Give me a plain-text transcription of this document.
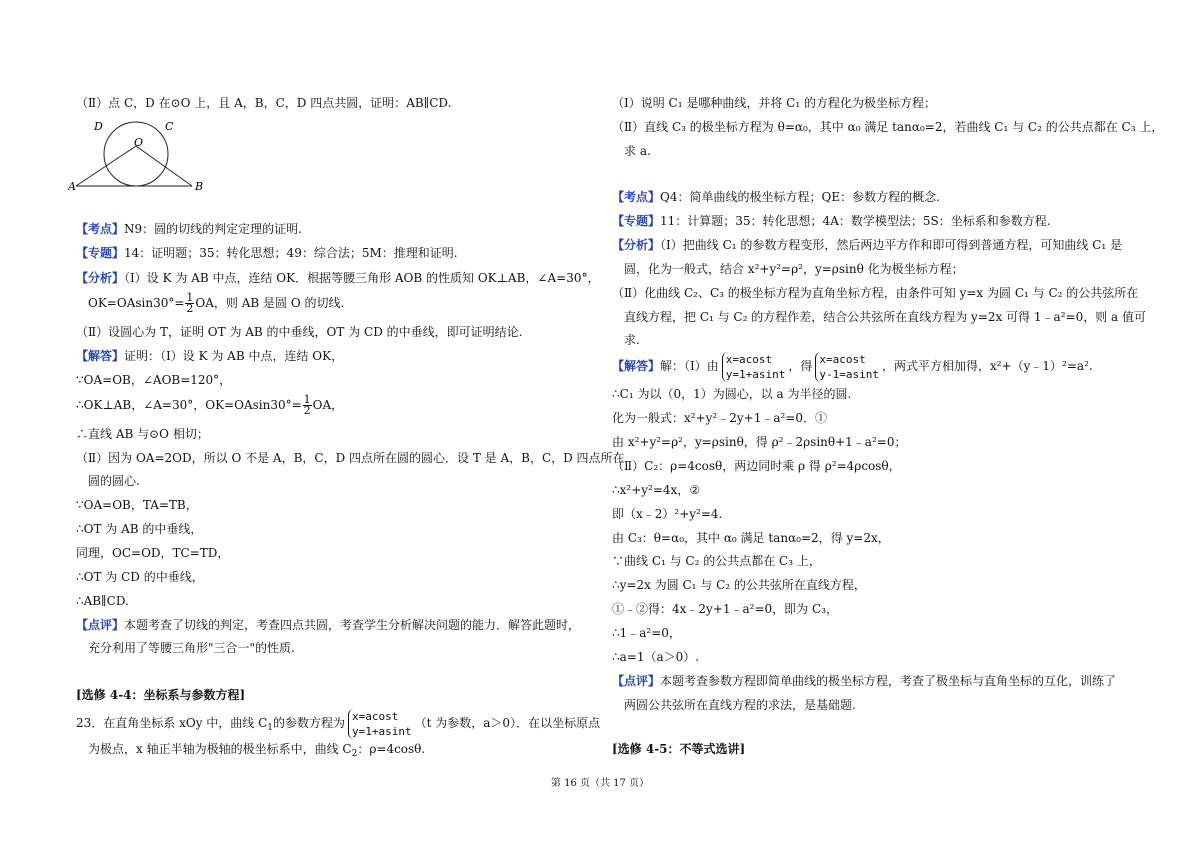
（Ⅱ）点 C，D 在⊙O 上，且 A，B，C，D 四点共圆，证明：AB∥CD.
D	C
O
A	B
【考点】N9：圆的切线的判定定理的证明.
【专题】14：证明题；35：转化思想；49：综合法；5M：推理和证明.
【分析】（Ⅰ）设 K 为 AB 中点，连结 OK．根据等腰三角形 AOB 的性质知 OK⊥AB，∠A=30°，
$OK=OAsin30^\circ= \frac{1}{2}$ OA，则 AB 是圆 O 的切线.
（Ⅱ）设圆心为 T，证明 OT 为 AB 的中垂线，OT 为 CD 的中垂线，即可证明结论.
【解答】证明：（Ⅰ）设 K 为 AB 中点，连结 OK，
∵OA=OB，∠AOB=120°，
∴OK⊥AB，∠A=30°，$OK=OAsin30^\circ= \frac{1}{2}$ OA，
∴直线 AB 与⊙O 相切；
（Ⅱ）因为 OA=2OD，所以 O 不是 A，B，C，D 四点所在圆的圆心．设 T 是 A，B，C，D 四点所在
圆的圆心.
∵OA=OB，TA=TB，
∴OT 为 AB 的中垂线，
同理，OC=OD，TC=TD，
∴OT 为 CD 的中垂线，
∴AB∥CD.
【点评】本题考查了切线的判定，考查四点共圆，考查学生分析解决问题的能力．解答此题时，
充分利用了等腰三角形"三合一"的性质.
[选修 4-4：坐标系与参数方程]
23．在直角坐标系 xOy 中，曲线 $C_1$的参数方程为 x=acost
y=1+asint
（t 为参数，a＞0）．在以坐标原点
为极点，x 轴正半轴为极轴的极坐标系中，曲线 $C_2$：ρ=4cosθ.
（Ⅰ）说明 C₁ 是哪种曲线，并将 C₁ 的方程化为极坐标方程；
（Ⅱ）直线 C₃ 的极坐标方程为 θ=α₀，其中 α₀ 满足 tanα₀=2，若曲线 C₁ 与 C₂ 的公共点都在 C₃ 上，
求 a.
【考点】Q4：简单曲线的极坐标方程；QE：参数方程的概念.
【专题】11：计算题；35：转化思想；4A：数学模型法；5S：坐标系和参数方程.
【分析】（Ⅰ）把曲线 C₁ 的参数方程变形，然后两边平方作和即可得到普通方程，可知曲线 C₁ 是
圆，化为一般式，结合 x²+y²=ρ²，y=ρsinθ 化为极坐标方程；
（Ⅱ）化曲线 C₂、C₃ 的极坐标方程为直角坐标方程，由条件可知 y=x 为圆 C₁ 与 C₂ 的公共弦所在
直线方程，把 C₁ 与 C₂ 的方程作差，结合公共弦所在直线方程为 y=2x 可得 1﹣a²=0，则 a 值可
求.
【解答】解：（Ⅰ）由 x=acost
y=1+asint
，得 x=acost
y-1=asint
，两式平方相加得，x²+（y﹣1）²=a².
∴C₁ 为以（0，1）为圆心，以 a 为半径的圆.
化为一般式：x²+y²﹣2y+1﹣a²=0．①
由 x²+y²=ρ²，y=ρsinθ，得 ρ²﹣2ρsinθ+1﹣a²=0；
（Ⅱ）C₂：ρ=4cosθ，两边同时乘 ρ 得 ρ²=4ρcosθ，
∴x²+y²=4x，②
即（x﹣2）²+y²=4.
由 C₃：θ=α₀，其中 α₀ 满足 tanα₀=2，得 y=2x，
∵曲线 C₁ 与 C₂ 的公共点都在 C₃ 上，
∴y=2x 为圆 C₁ 与 C₂ 的公共弦所在直线方程，
①﹣②得：4x﹣2y+1﹣a²=0，即为 C₃，
∴1﹣a²=0，
∴a=1（a＞0）.
【点评】本题考查参数方程即简单曲线的极坐标方程，考查了极坐标与直角坐标的互化，训练了
两圆公共弦所在直线方程的求法，是基础题.
[选修 4-5：不等式选讲]
第 16 页（共 17 页）
